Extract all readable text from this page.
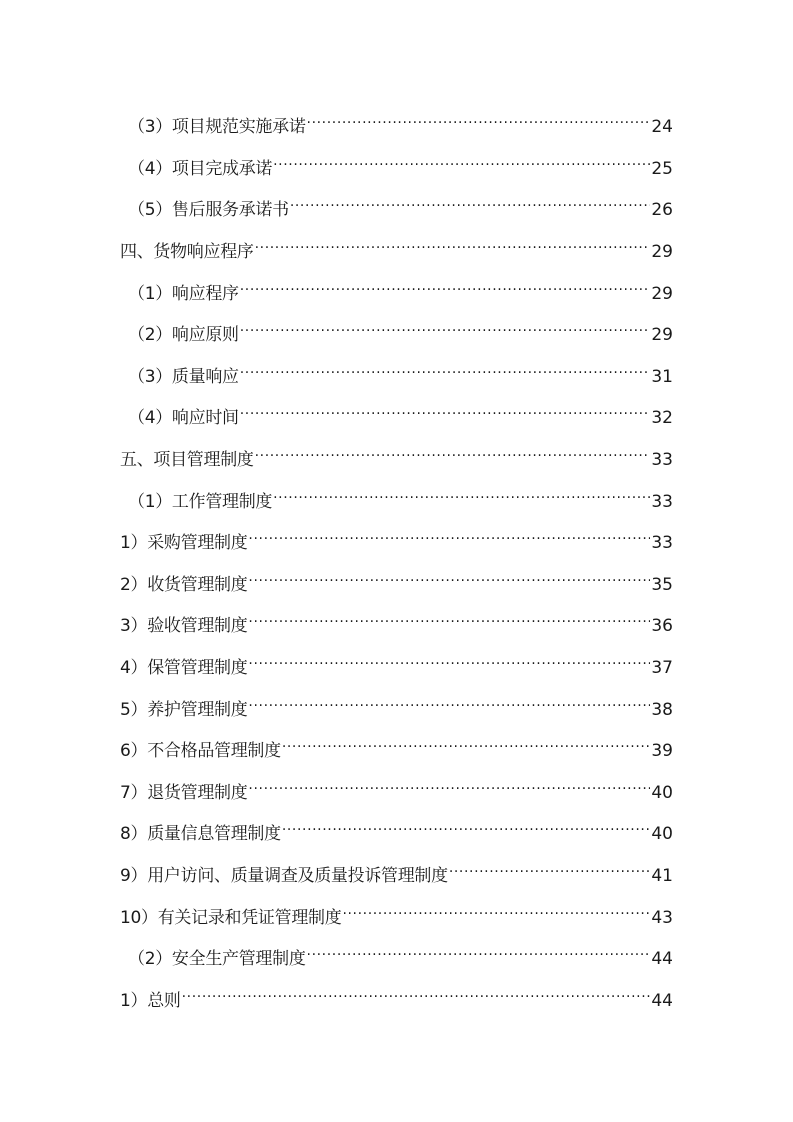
（3）项目规范实施承诺 .....	24
（4）项目完成承诺 .....	25
（5）售后服务承诺书 .....	26
四、货物响应程序 .....	29
（1）响应程序 .....	29
（2）响应原则 .....	29
（3）质量响应 .....	31
（4）响应时间 .....	32
五、项目管理制度 .....	33
（1）工作管理制度 .....	33
1）采购管理制度 .....	33
2）收货管理制度 .....	35
3）验收管理制度 .....	36
4）保管管理制度 .....	37
5）养护管理制度 .....	38
6）不合格品管理制度 .....	39
7）退货管理制度 .....	40
8）质量信息管理制度 .....	40
9）用户访问、质量调查及质量投诉管理制度 .....	41
10）有关记录和凭证管理制度 .....	43
（2）安全生产管理制度 .....	44
1）总则 .....	44
